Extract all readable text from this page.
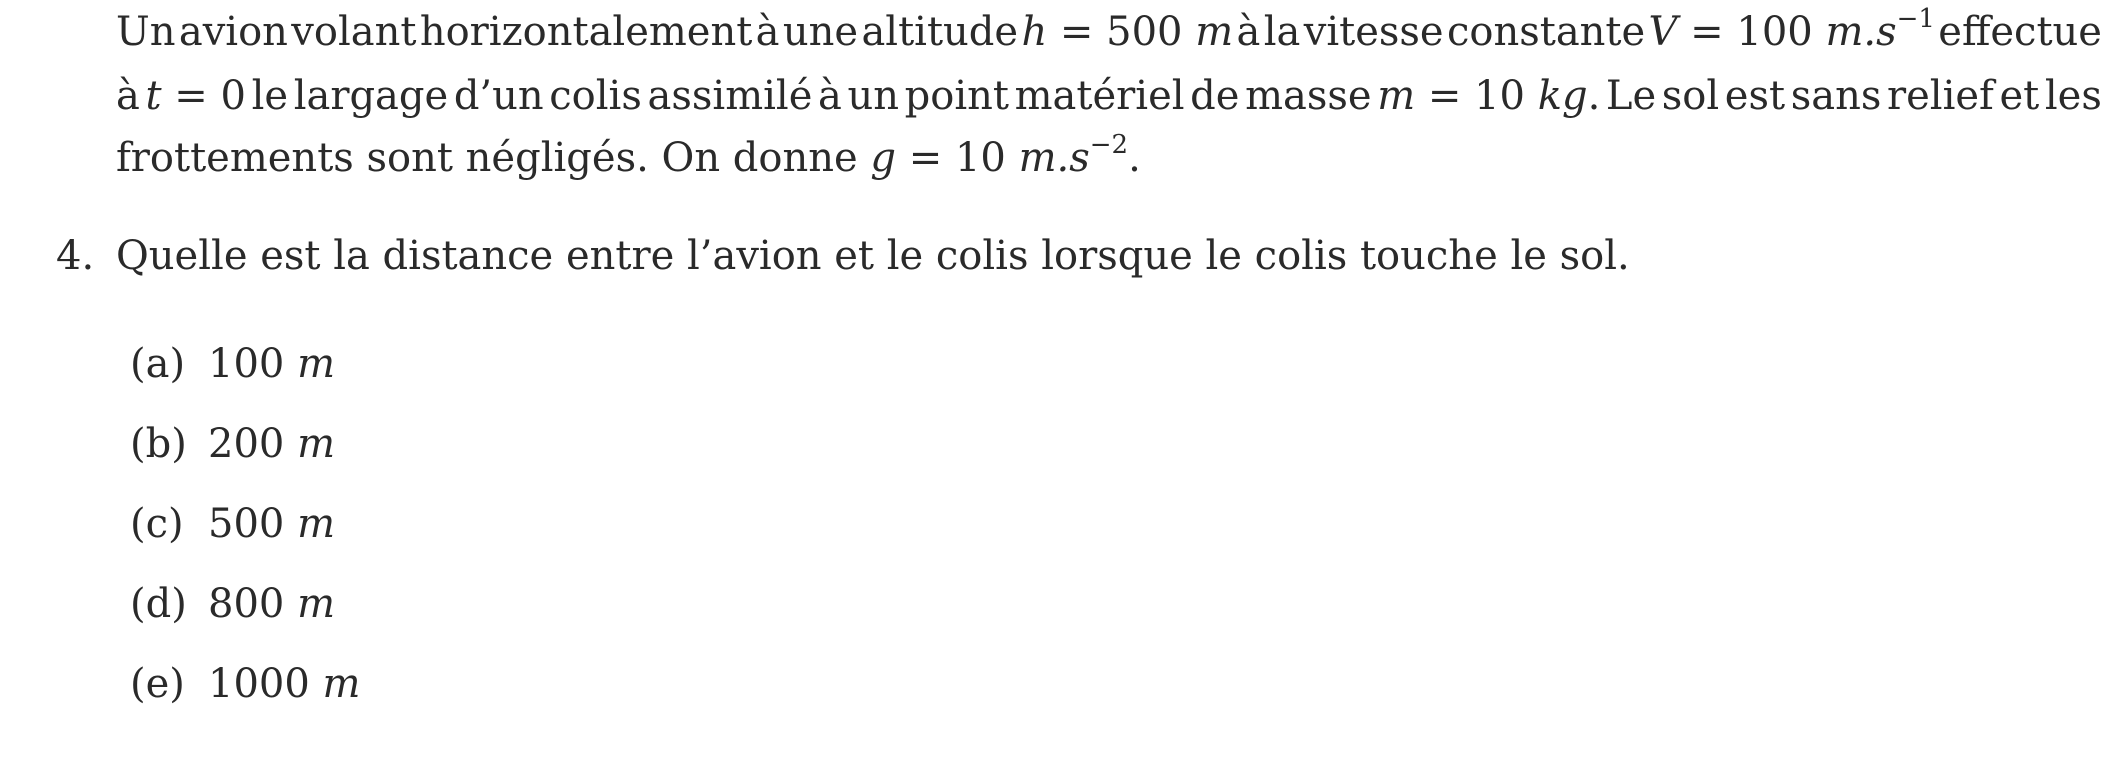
Un avion volant horizontalement à une altitude h = 500 m à la vitesse constante V = 100 $m.s^{-1}$ effectue
à t = 0 le largage d’un colis assimilé à un point matériel de masse m = 10 kg. Le sol est sans relief et les
frottements sont négligés. On donne g = 10 $m.s^{-2}$.
4. Quelle est la distance entre l’avion et le colis lorsque le colis touche le sol.
(a) 100 m
(b) 200 m
(c) 500 m
(d) 800 m
(e) 1000 m
